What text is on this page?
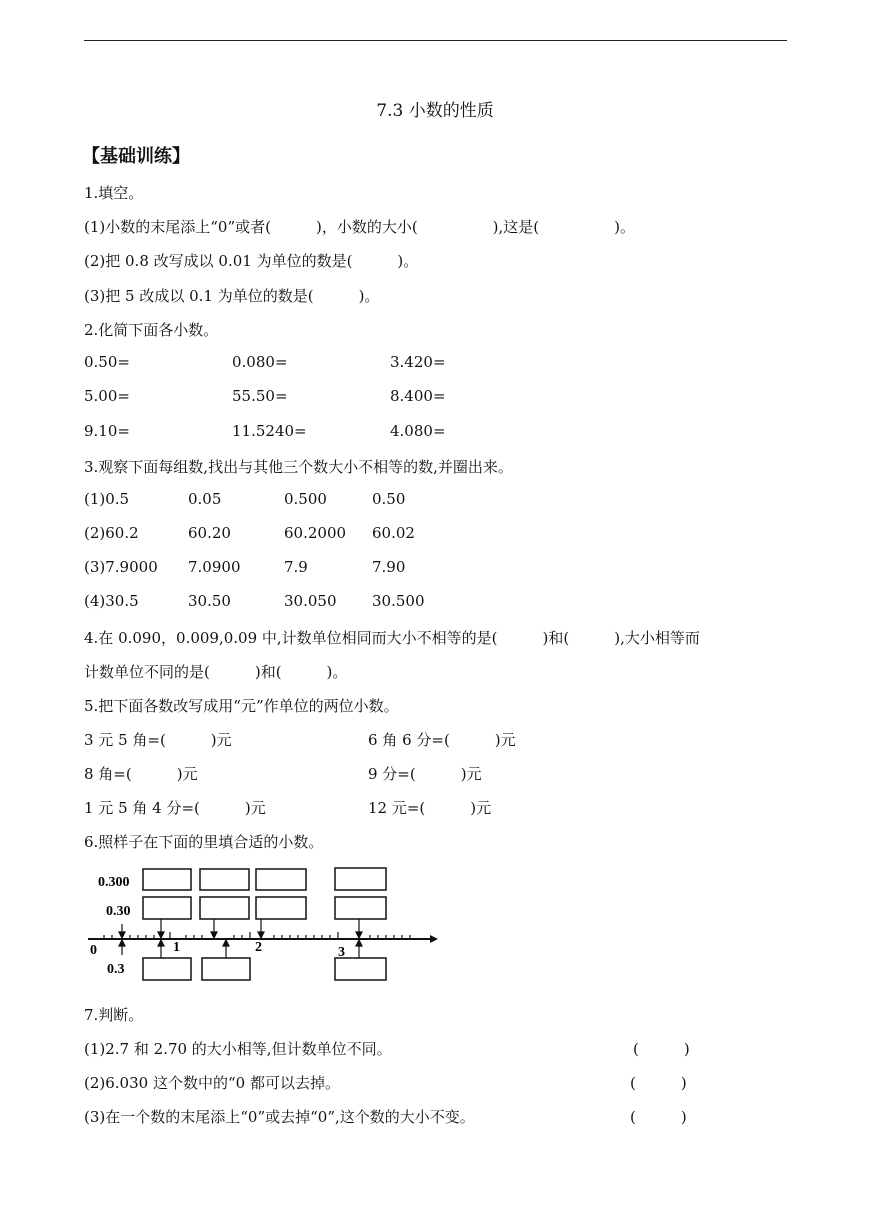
7.3 小数的性质
【基础训练】
1.填空。
(1)小数的末尾添上“0”或者(　　　)，小数的大小(　　　　　),这是(　　　　　)。
(2)把 0.8 改写成以 0.01 为单位的数是(　　　)。
(3)把 5 改成以 0.1 为单位的数是(　　　)。
2.化简下面各小数。
0.50=	0.080=	3.420=
5.00=	55.50=	8.400=
9.10=	11.5240=	4.080=
3.观察下面每组数,找出与其他三个数大小不相等的数,并圈出来。
(1)0.5	0.05	0.500	0.50
(2)60.2	60.20	60.2000 60.02
(3)7.9000 7.0900	7.9	7.90
(4)30.5	30.50	30.050 30.500
4.在 0.090，0.009,0.09 中,计数单位相同而大小不相等的是(　　　)和(　　　),大小相等而
计数单位不同的是(　　　)和(　　　)。
5.把下面各数改写成用“元”作单位的两位小数。
3 元 5 角=(　　　)元	6 角 6 分=(　　　)元
8 角=(　　　)元	9 分=(　　　)元
1 元 5 角 4 分=(　　　)元	12 元=(　　　)元
6.照样子在下面的里填合适的小数。
0.300
0.30
0.3
0	1	2	3
7.判断。
(1)2.7 和 2.70 的大小相等,但计数单位不同。	(　　　)
(2)6.030 这个数中的“0 都可以去掉。	(　　　)
(3)在一个数的末尾添上“0”或去掉“0”,这个数的大小不变。	(　　　)
